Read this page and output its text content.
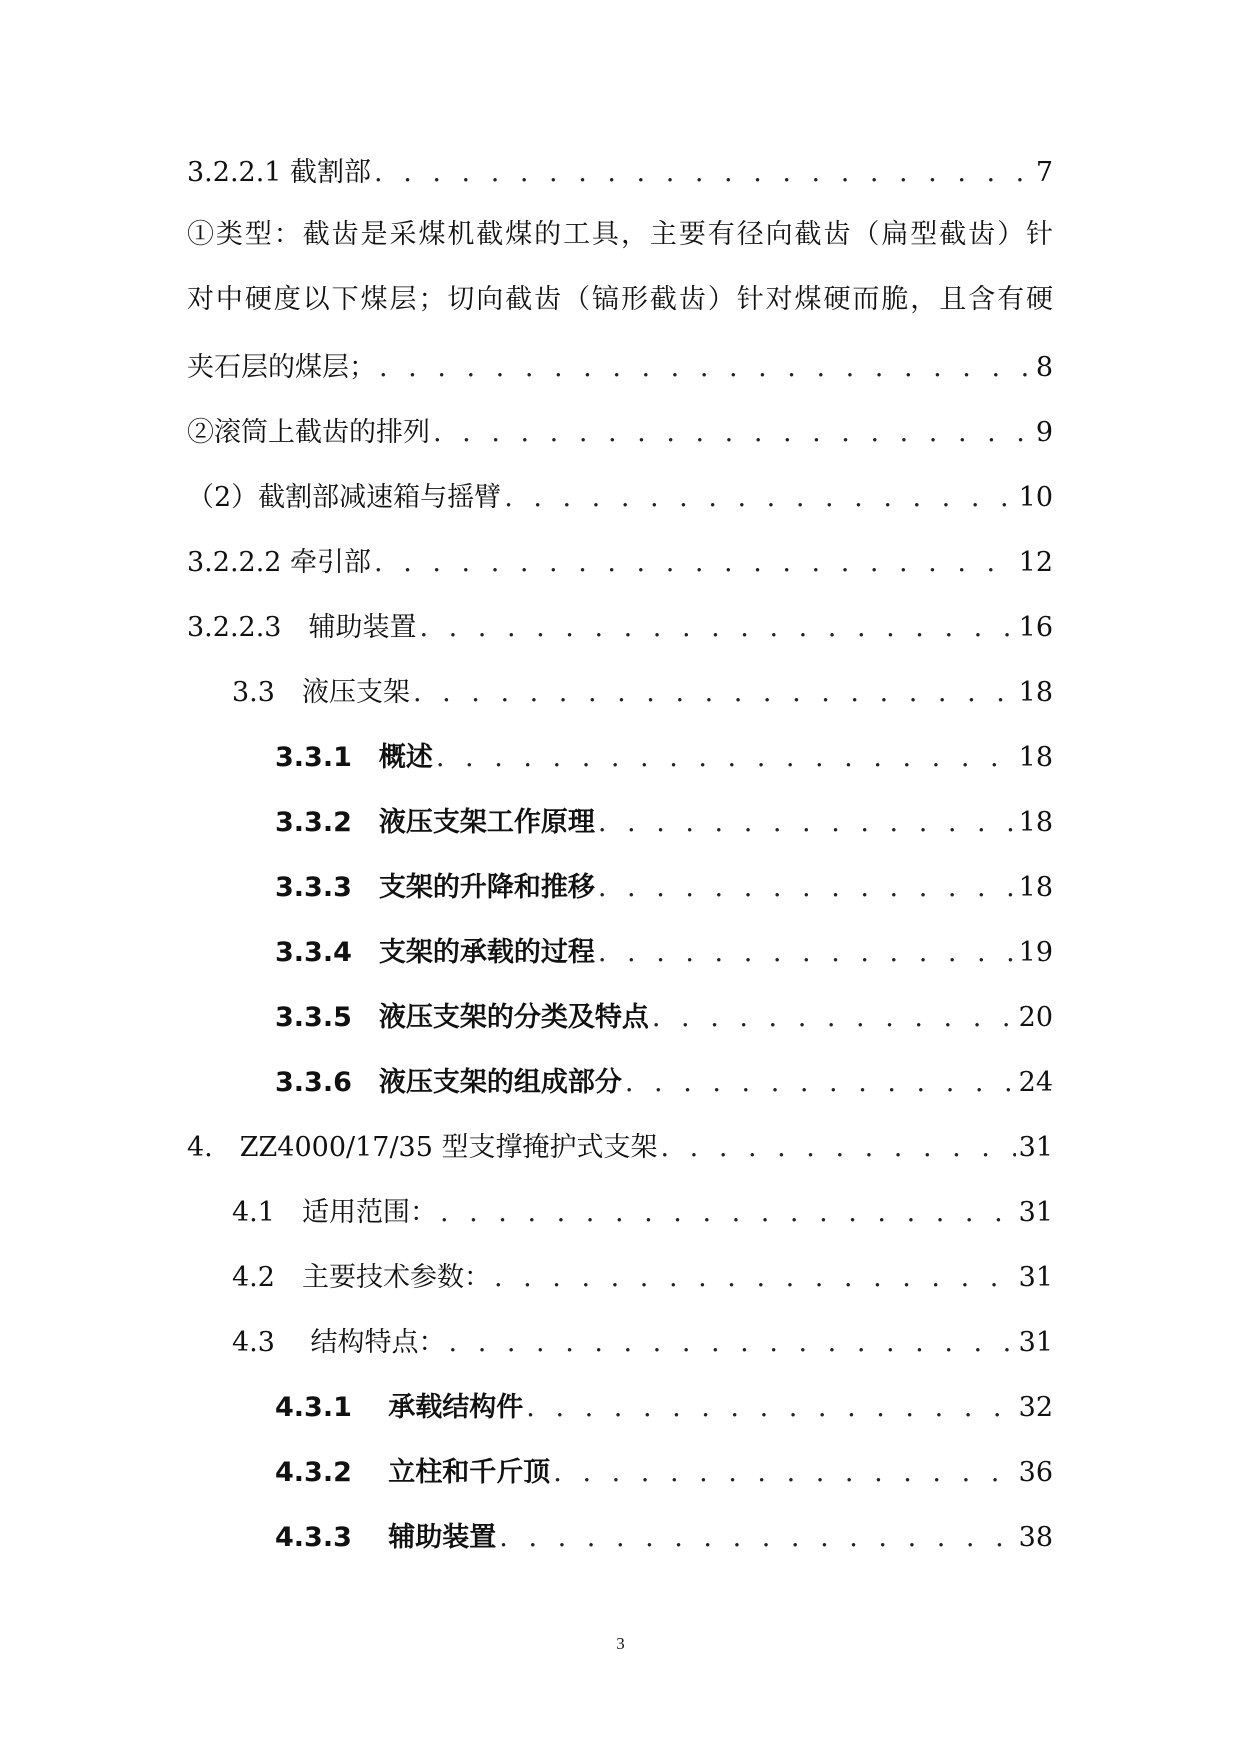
3.2.2.1 截割部 . . .	7
①类型：截齿是采煤机截煤的工具，主要有径向截齿（扁型截齿）针
对中硬度以下煤层；切向截齿（镐形截齿）针对煤硬而脆，且含有硬
夹石层的煤层； . . .	8
②滚筒上截齿的排列 . . .	9
（2）截割部减速箱与摇臂 . . .	10
3.2.2.2 牵引部 . . .	12
3.2.2.3　辅助装置 . . .	16
3.3　液压支架 . . .	18
3.3.1　概述 . . .	18
3.3.2　液压支架工作原理 . . .	18
3.3.3　支架的升降和推移 . . .	18
3.3.4　支架的承载的过程 . . .	19
3.3.5　液压支架的分类及特点 . . .	20
3.3.6　液压支架的组成部分 . . .	24
4.　ZZ4000/17/35 型支撑掩护式支架 . . .	31
4.1　适用范围： . . .	31
4.2　主要技术参数： . . .	31
4.3　 结构特点： . . .	31
4.3.1　 承载结构件 . . .	32
4.3.2　 立柱和千斤顶 . . .	36
4.3.3　 辅助装置 . . .	38
3
